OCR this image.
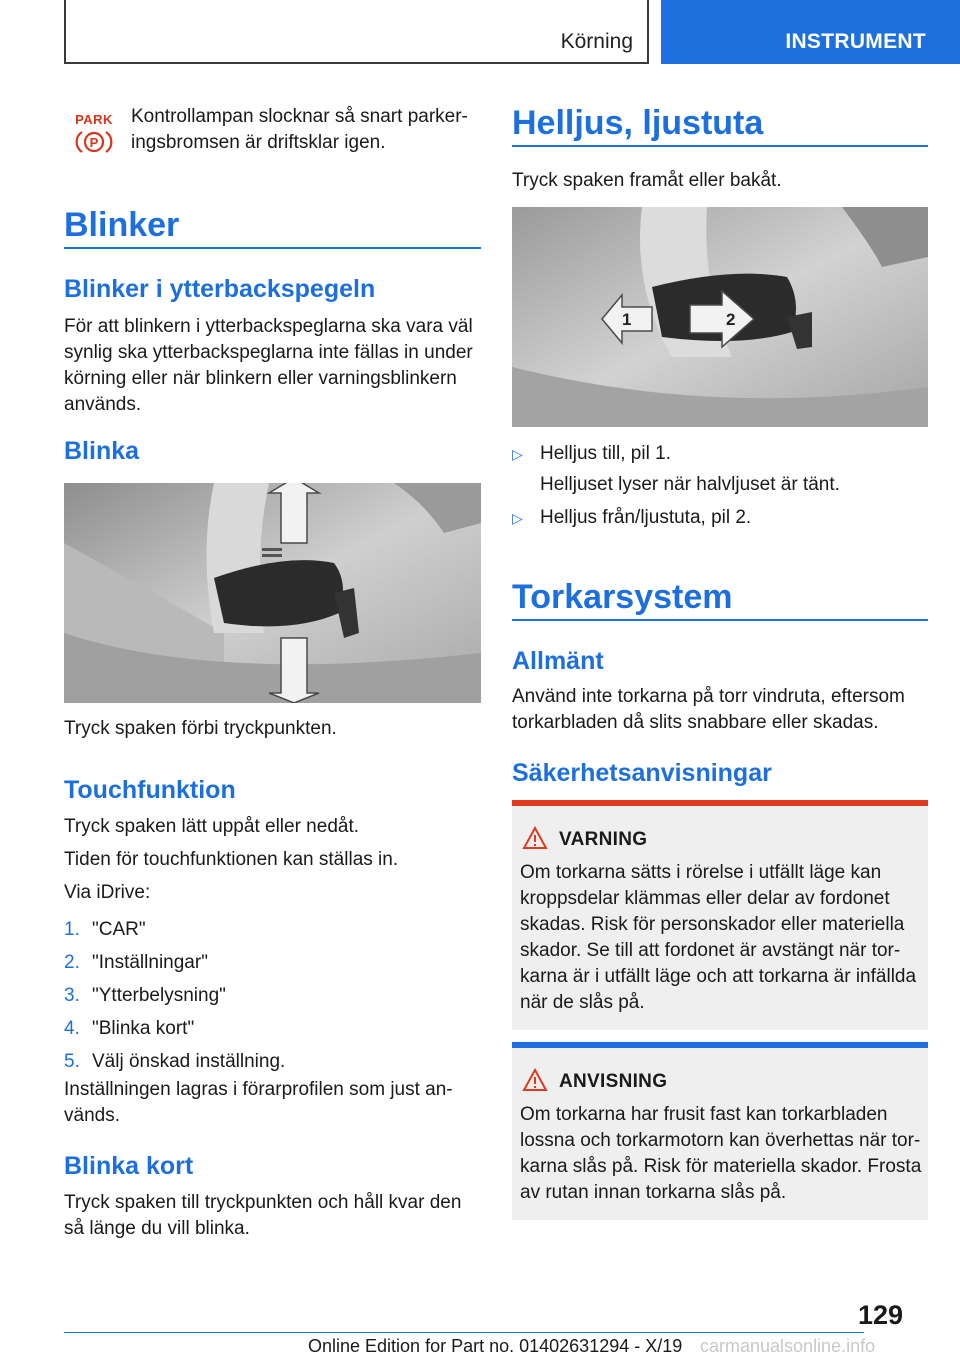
Körning	INSTRUMENT
PARK
P
Kontrollampan slocknar så snart parker‐
ingsbromsen är driftsklar igen.
Blinker
Blinker i ytterbackspegeln
För att blinkern i ytterbackspeglarna ska vara väl
synlig ska ytterbackspeglarna inte fällas in under
körning eller när blinkern eller varningsblinkern
används.
Blinka
Tryck spaken förbi tryckpunkten.
Touchfunktion
Tryck spaken lätt uppåt eller nedåt.
Tiden för touchfunktionen kan ställas in.
Via iDrive:
1. "CAR"
2. "Inställningar"
3. "Ytterbelysning"
4. "Blinka kort"
5. Välj önskad inställning.
Inställningen lagras i förarprofilen som just an‐
vänds.
Blinka kort
Tryck spaken till tryckpunkten och håll kvar den
så länge du vill blinka.
Helljus, ljustuta
Tryck spaken framåt eller bakåt.
1	2
▷ Helljus till, pil 1.
Helljuset lyser när halvljuset är tänt.
▷ Helljus från/ljustuta, pil 2.
Torkarsystem
Allmänt
Använd inte torkarna på torr vindruta, eftersom
torkarbladen då slits snabbare eller skadas.
Säkerhetsanvisningar
VARNING
Om torkarna sätts i rörelse i utfällt läge kan
kroppsdelar klämmas eller delar av fordonet
skadas. Risk för personskador eller materiella
skador. Se till att fordonet är avstängt när tor‐
karna är i utfällt läge och att torkarna är infällda
när de slås på.
ANVISNING
Om torkarna har frusit fast kan torkarbladen
lossna och torkarmotorn kan överhettas när tor‐
karna slås på. Risk för materiella skador. Frosta
av rutan innan torkarna slås på.
129
Online Edition for Part no. 01402631294 - X/19 carmanualsonline.info
